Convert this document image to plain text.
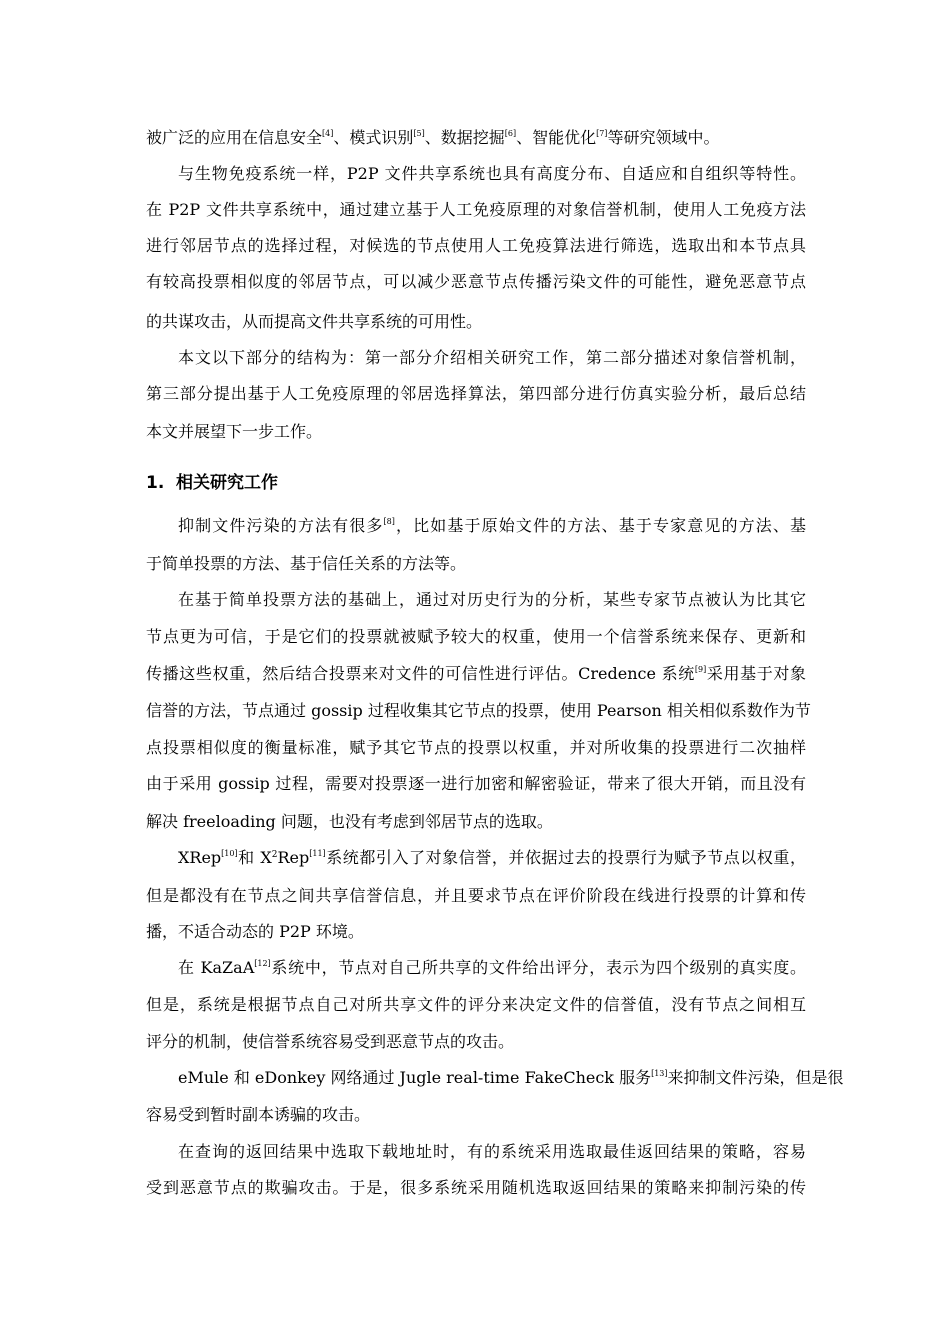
被广泛的应用在信息安全[4]、模式识别[5]、数据挖掘[6]、智能优化[7]等研究领域中。
与生物免疫系统一样，P2P 文件共享系统也具有高度分布、自适应和自组织等特性。
在 P2P 文件共享系统中，通过建立基于人工免疫原理的对象信誉机制，使用人工免疫方法
进行邻居节点的选择过程，对候选的节点使用人工免疫算法进行筛选，选取出和本节点具
有较高投票相似度的邻居节点，可以减少恶意节点传播污染文件的可能性，避免恶意节点
的共谋攻击，从而提高文件共享系统的可用性。
本文以下部分的结构为：第一部分介绍相关研究工作，第二部分描述对象信誉机制，
第三部分提出基于人工免疫原理的邻居选择算法，第四部分进行仿真实验分析，最后总结
本文并展望下一步工作。
1. 相关研究工作
抑制文件污染的方法有很多[8]，比如基于原始文件的方法、基于专家意见的方法、基
于简单投票的方法、基于信任关系的方法等。
在基于简单投票方法的基础上，通过对历史行为的分析，某些专家节点被认为比其它
节点更为可信，于是它们的投票就被赋予较大的权重，使用一个信誉系统来保存、更新和
传播这些权重，然后结合投票来对文件的可信性进行评估。Credence 系统[9]采用基于对象
信誉的方法，节点通过 gossip 过程收集其它节点的投票，使用 Pearson 相关相似系数作为节
点投票相似度的衡量标准，赋予其它节点的投票以权重，并对所收集的投票进行二次抽样
由于采用 gossip 过程，需要对投票逐一进行加密和解密验证，带来了很大开销，而且没有
解决 freeloading 问题，也没有考虑到邻居节点的选取。
XRep[10]和 $X^2Rep[11]$系统都引入了对象信誉，并依据过去的投票行为赋予节点以权重，
但是都没有在节点之间共享信誉信息，并且要求节点在评价阶段在线进行投票的计算和传
播，不适合动态的 P2P 环境。
在 KaZaA[12]系统中，节点对自己所共享的文件给出评分，表示为四个级别的真实度。
但是，系统是根据节点自己对所共享文件的评分来决定文件的信誉值，没有节点之间相互
评分的机制，使信誉系统容易受到恶意节点的攻击。
eMule 和 eDonkey 网络通过 Jugle real-time FakeCheck 服务[13]来抑制文件污染，但是很
容易受到暂时副本诱骗的攻击。
在查询的返回结果中选取下载地址时，有的系统采用选取最佳返回结果的策略，容易
受到恶意节点的欺骗攻击。于是，很多系统采用随机选取返回结果的策略来抑制污染的传
